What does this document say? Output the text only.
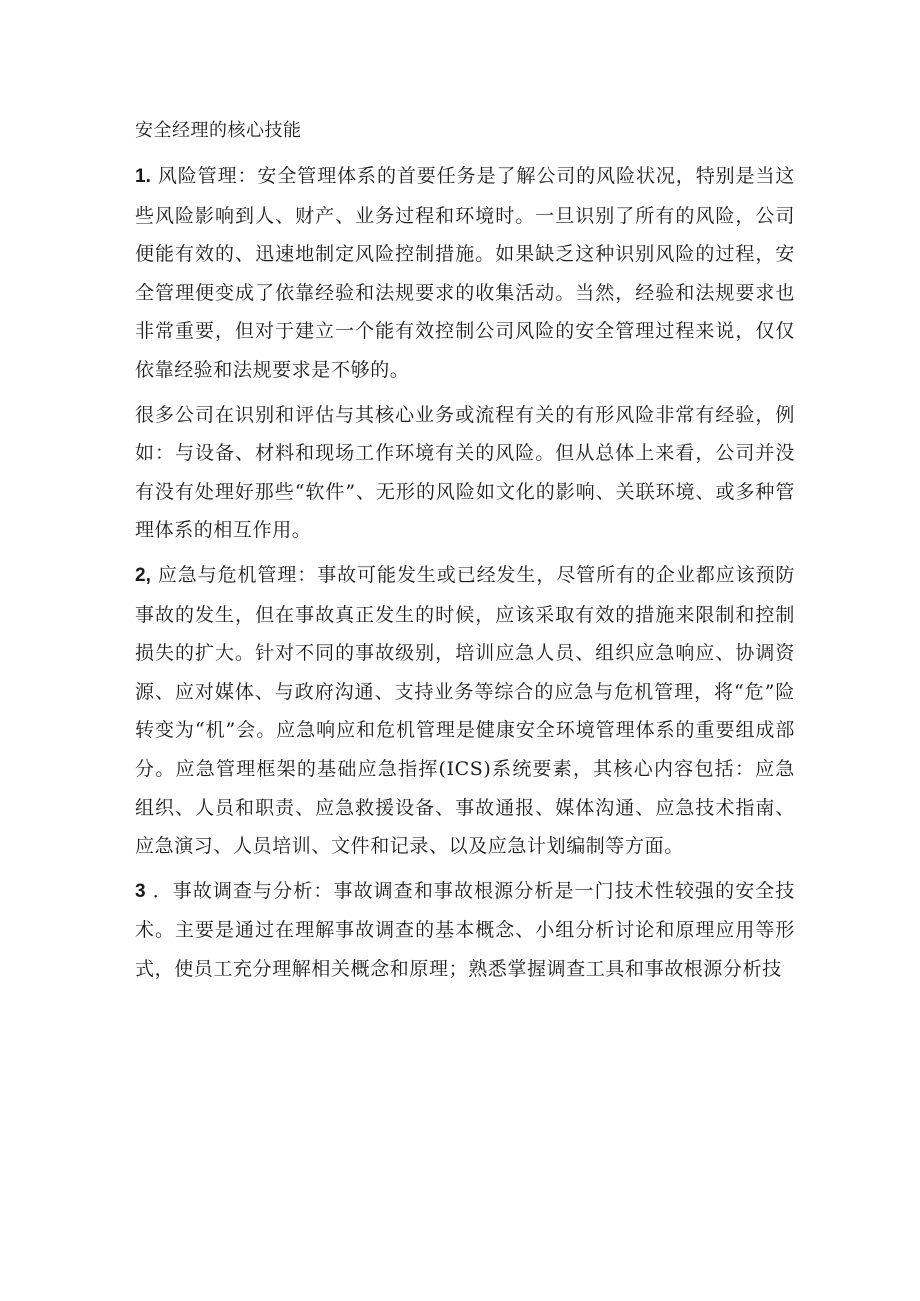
安全经理的核心技能

1. 风险管理：安全管理体系的首要任务是了解公司的风险状况，特别是当这些风险影响到人、财产、业务过程和环境时。一旦识别了所有的风险，公司便能有效的、迅速地制定风险控制措施。如果缺乏这种识别风险的过程，安全管理便变成了依靠经验和法规要求的收集活动。当然，经验和法规要求也非常重要，但对于建立一个能有效控制公司风险的安全管理过程来说，仅仅依靠经验和法规要求是不够的。

很多公司在识别和评估与其核心业务或流程有关的有形风险非常有经验，例如：与设备、材料和现场工作环境有关的风险。但从总体上来看，公司并没有没有处理好那些“软件”、无形的风险如文化的影响、关联环境、或多种管理体系的相互作用。

2, 应急与危机管理：事故可能发生或已经发生，尽管所有的企业都应该预防事故的发生，但在事故真正发生的时候，应该采取有效的措施来限制和控制损失的扩大。针对不同的事故级别，培训应急人员、组织应急响应、协调资源、应对媒体、与政府沟通、支持业务等综合的应急与危机管理，将“危”险转变为“机”会。应急响应和危机管理是健康安全环境管理体系的重要组成部分。应急管理框架的基础应急指挥(ICS)系统要素，其核心内容包括：应急组织、人员和职责、应急救援设备、事故通报、媒体沟通、应急技术指南、应急演习、人员培训、文件和记录、以及应急计划编制等方面。

3 ．事故调查与分析：事故调查和事故根源分析是一门技术性较强的安全技术。主要是通过在理解事故调查的基本概念、小组分析讨论和原理应用等形式，使员工充分理解相关概念和原理；熟悉掌握调查工具和事故根源分析技
